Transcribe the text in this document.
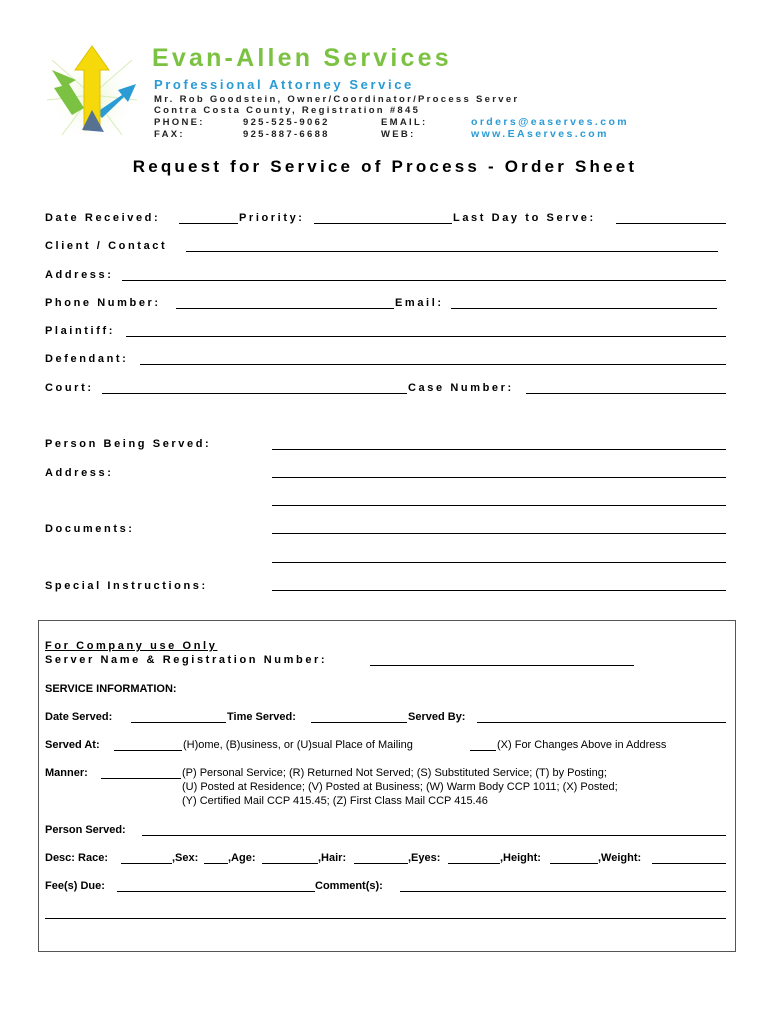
Evan-Allen Services
Professional Attorney Service
Mr. Rob Goodstein, Owner/Coordinator/Process Server
Contra Costa County, Registration #845
PHONE:	925-525-9062	EMAIL:	orders@easerves.com
FAX:	925-887-6688	WEB:	www.EAserves.com
Request for Service of Process - Order Sheet
Date Received:	Priority:	Last Day to Serve:
Client / Contact
Address:
Phone Number:	Email:
Plaintiff:
Defendant:
Court:	Case Number:
Person Being Served:
Address:
Documents:
Special Instructions:
For Company use Only
Server Name & Registration Number:
SERVICE INFORMATION:
Date Served:	Time Served:	Served By:
Served At:	(H)ome, (B)usiness, or (U)sual Place of Mailing	(X) For Changes Above in Address
Manner:	(P) Personal Service; (R) Returned Not Served; (S) Substituted Service; (T) by Posting;
(U) Posted at Residence; (V) Posted at Business; (W) Warm Body CCP 1011; (X) Posted;
(Y) Certified Mail CCP 415.45; (Z) First Class Mail CCP 415.46
Person Served:
Desc: Race:	,Sex:	,Age:	,Hair:	,Eyes:	,Height:	,Weight:
Fee(s) Due:	Comment(s):
